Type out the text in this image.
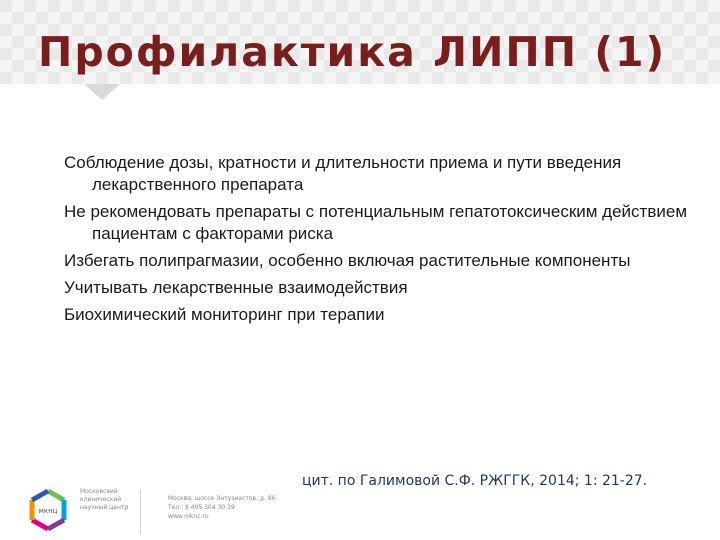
Профилактика ЛИПП (1)
Соблюдение дозы, кратности и длительности приема и пути введения лекарственного препарата
Не рекомендовать препараты с потенциальным гепатотоксическим действием пациентам с факторами риска
Избегать полипрагмазии, особенно включая растительные компоненты
Учитывать лекарственные взаимодействия
Биохимический мониторинг при терапии
цит. по Галимовой С.Ф. РЖГГК, 2014; 1: 21-27.
мкнц
Московский
клинический
научный центр
Москва, шоссе Энтузиастов, д. 86
Тел.: 8 495 304 30 39
www.mknc.ru
